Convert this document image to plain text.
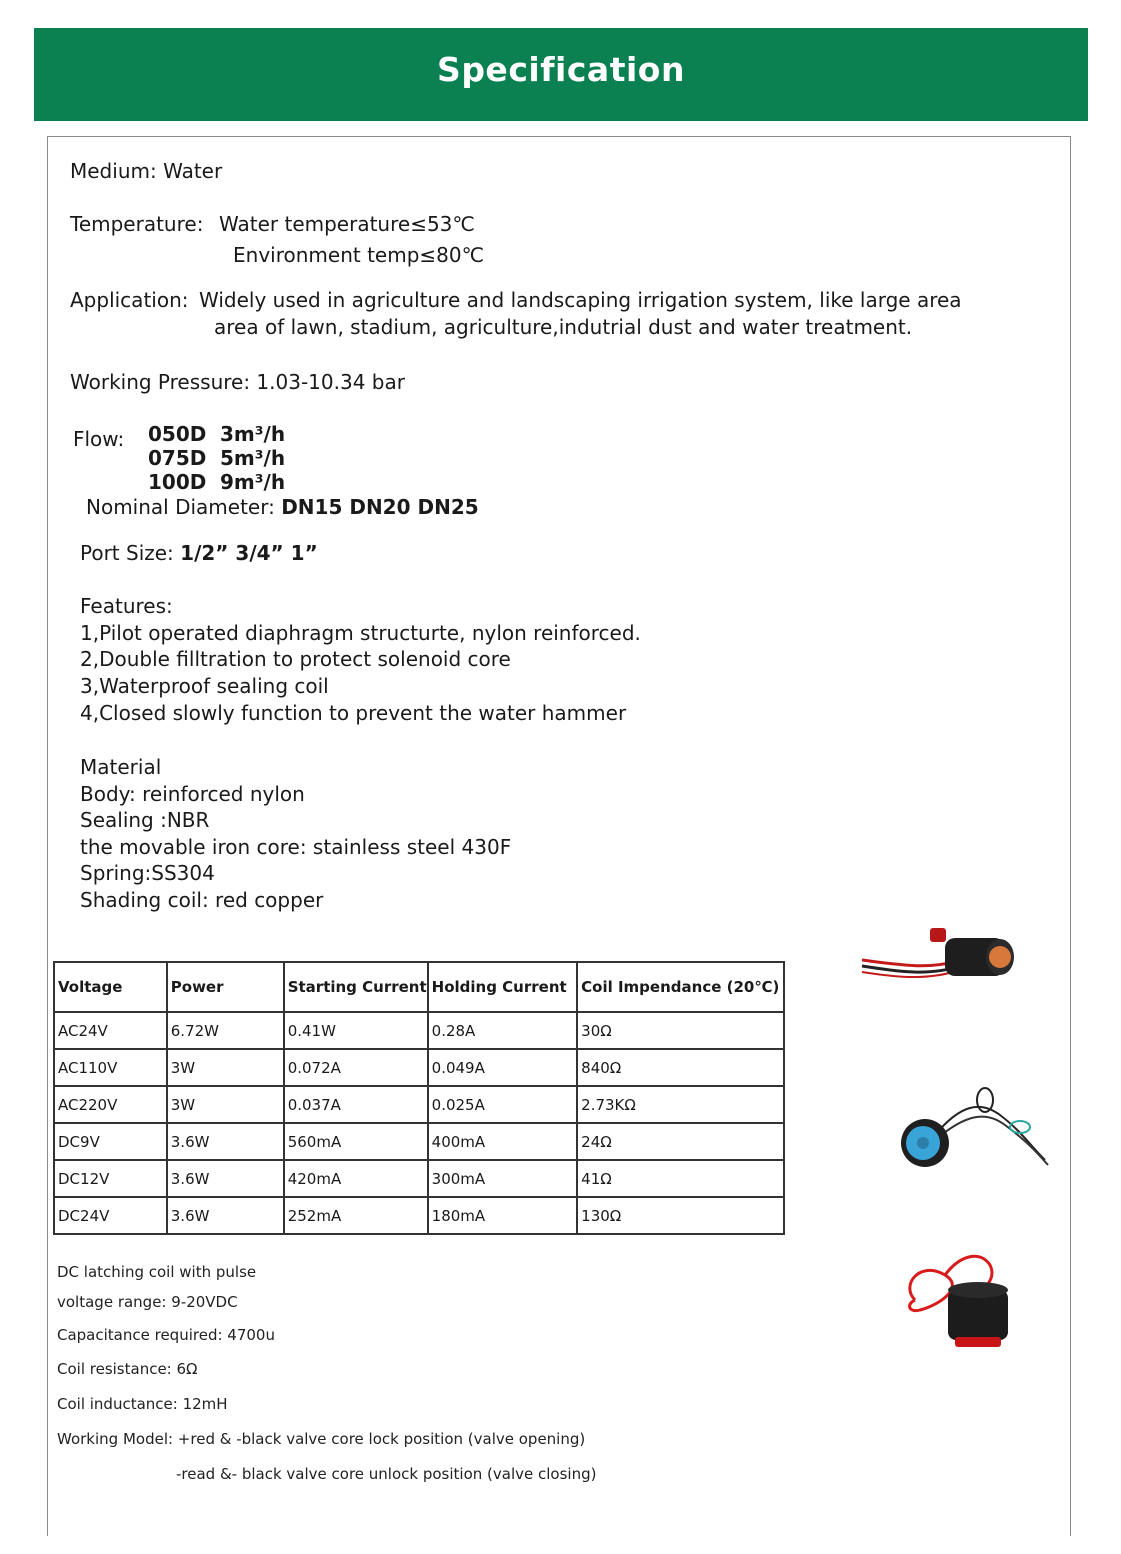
Specification
Medium: Water
Temperature: Water temperature≤53℃
Environment temp≤80℃
Application: Widely used in agriculture and landscaping irrigation system, like large area
area of lawn, stadium, agriculture,indutrial dust and water treatment.
Working Pressure: 1.03-10.34 bar
Flow: 050D 3m³/h
075D 5m³/h
100D 9m³/h
Nominal Diameter: DN15 DN20 DN25
Port Size: 1/2” 3/4” 1”
Features:
1,Pilot operated diaphragm structurte, nylon reinforced.
2,Double filltration to protect solenoid core
3,Waterproof sealing coil
4,Closed slowly function to prevent the water hammer
Material
Body: reinforced nylon
Sealing :NBR
the movable iron core: stainless steel 430F
Spring:SS304
Shading coil: red copper
Voltage	Power	Starting Current	Holding Current	Coil Impendance (20℃)
AC24V	6.72W	0.41W	0.28A	30Ω
AC110V	3W	0.072A	0.049A	840Ω
AC220V	3W	0.037A	0.025A	2.73KΩ
DC9V	3.6W	560mA	400mA	24Ω
DC12V	3.6W	420mA	300mA	41Ω
DC24V	3.6W	252mA	180mA	130Ω
DC latching coil with pulse
voltage range: 9-20VDC
Capacitance required: 4700u
Coil resistance: 6Ω
Coil inductance: 12mH
Working Model: +red & -black valve core lock position (valve opening)
-read &- black valve core unlock position (valve closing)
